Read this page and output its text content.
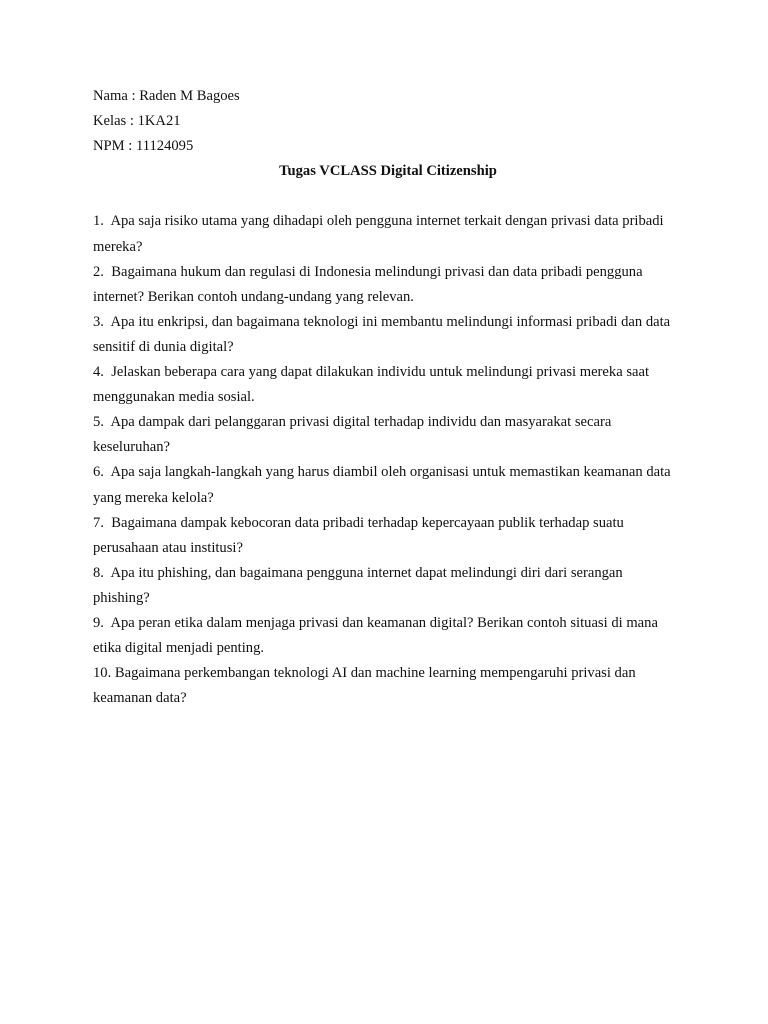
Nama : Raden M Bagoes
Kelas : 1KA21
NPM : 11124095
Tugas VCLASS Digital Citizenship
1.  Apa saja risiko utama yang dihadapi oleh pengguna internet terkait dengan privasi data pribadi mereka?
2.  Bagaimana hukum dan regulasi di Indonesia melindungi privasi dan data pribadi pengguna internet? Berikan contoh undang-undang yang relevan.
3.  Apa itu enkripsi, dan bagaimana teknologi ini membantu melindungi informasi pribadi dan data sensitif di dunia digital?
4.  Jelaskan beberapa cara yang dapat dilakukan individu untuk melindungi privasi mereka saat menggunakan media sosial.
5.  Apa dampak dari pelanggaran privasi digital terhadap individu dan masyarakat secara keseluruhan?
6.  Apa saja langkah-langkah yang harus diambil oleh organisasi untuk memastikan keamanan data yang mereka kelola?
7.  Bagaimana dampak kebocoran data pribadi terhadap kepercayaan publik terhadap suatu perusahaan atau institusi?
8.  Apa itu phishing, dan bagaimana pengguna internet dapat melindungi diri dari serangan phishing?
9.  Apa peran etika dalam menjaga privasi dan keamanan digital? Berikan contoh situasi di mana etika digital menjadi penting.
10. Bagaimana perkembangan teknologi AI dan machine learning mempengaruhi privasi dan keamanan data?
